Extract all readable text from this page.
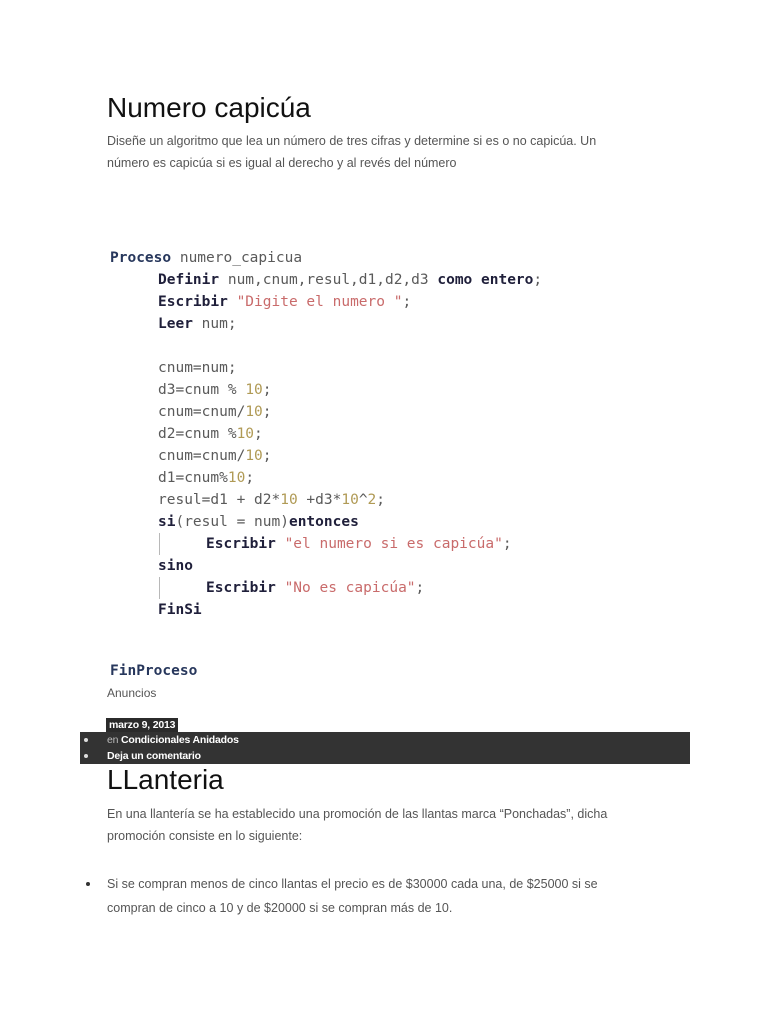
Numero capicúa

Diseñe un algoritmo que lea un número de tres cifras y determine si es o no capicúa. Un
número es capicúa si es igual al derecho y al revés del número

Proceso numero_capicua
Definir num,cnum,resul,d1,d2,d3 como entero;
Escribir "Digite el numero ";
Leer num;
cnum=num;
d3=cnum % 10;
cnum=cnum/10;
d2=cnum %10;
cnum=cnum/10;
d1=cnum%10;
resul=d1 + d2*10 +d3*10^2;
si(resul = num)entonces
Escribir "el numero si es capicúa";
sino
Escribir "No es capicúa";
FinSi
FinProceso
Anuncios
marzo 9, 2013
en Condicionales Anidados
Deja un comentario
LLanteria

En una llantería se ha establecido una promoción de las llantas marca “Ponchadas”, dicha
promoción consiste en lo siguiente:

Si se compran menos de cinco llantas el precio es de $30000 cada una, de $25000 si se
compran de cinco a 10 y de $20000 si se compran más de 10.
